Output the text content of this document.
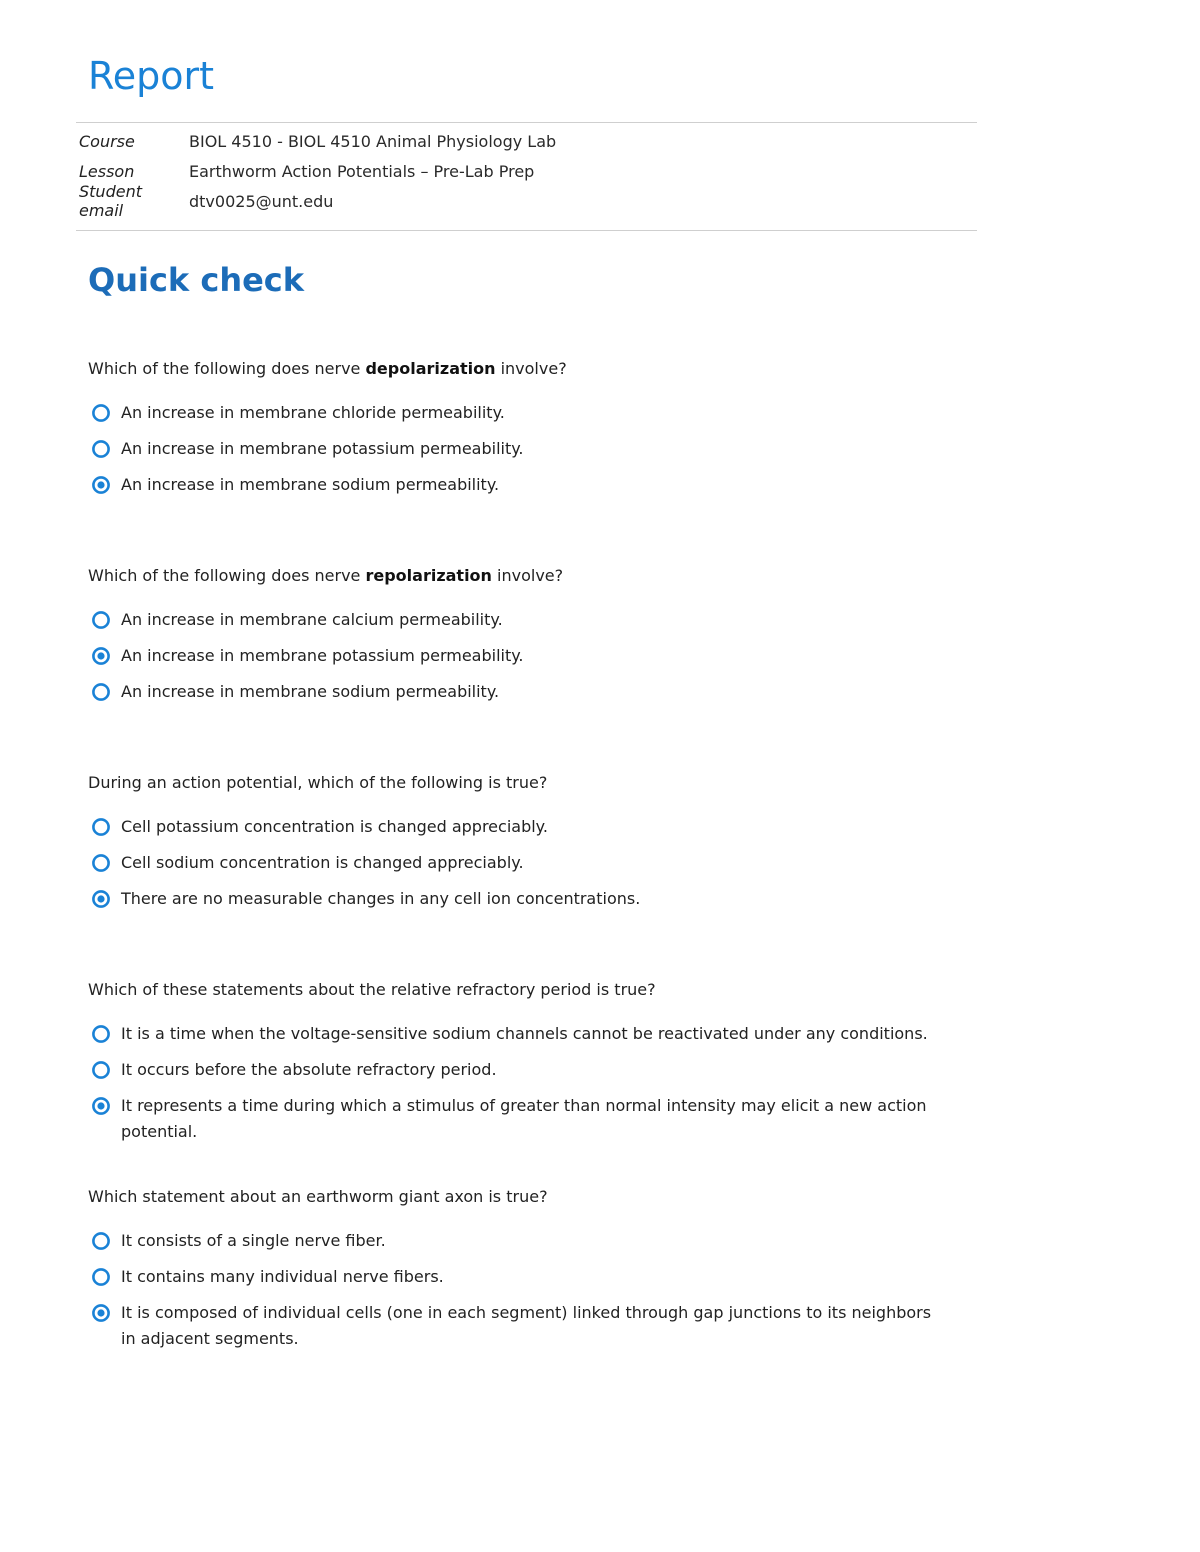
Report
Course	BIOL 4510 - BIOL 4510 Animal Physiology Lab
Lesson	Earthworm Action Potentials – Pre-Lab Prep
Student email	dtv0025@unt.edu
Quick check

Which of the following does nerve depolarization involve?

An increase in membrane chloride permeability.
An increase in membrane potassium permeability.
An increase in membrane sodium permeability.

Which of the following does nerve repolarization involve?

An increase in membrane calcium permeability.
An increase in membrane potassium permeability.
An increase in membrane sodium permeability.

During an action potential, which of the following is true?

Cell potassium concentration is changed appreciably.
Cell sodium concentration is changed appreciably.
There are no measurable changes in any cell ion concentrations.

Which of these statements about the relative refractory period is true?

It is a time when the voltage-sensitive sodium channels cannot be reactivated under any conditions.
It occurs before the absolute refractory period.
It represents a time during which a stimulus of greater than normal intensity may elicit a new action potential.

Which statement about an earthworm giant axon is true?

It consists of a single nerve fiber.
It contains many individual nerve fibers.
It is composed of individual cells (one in each segment) linked through gap junctions to its neighbors in adjacent segments.
